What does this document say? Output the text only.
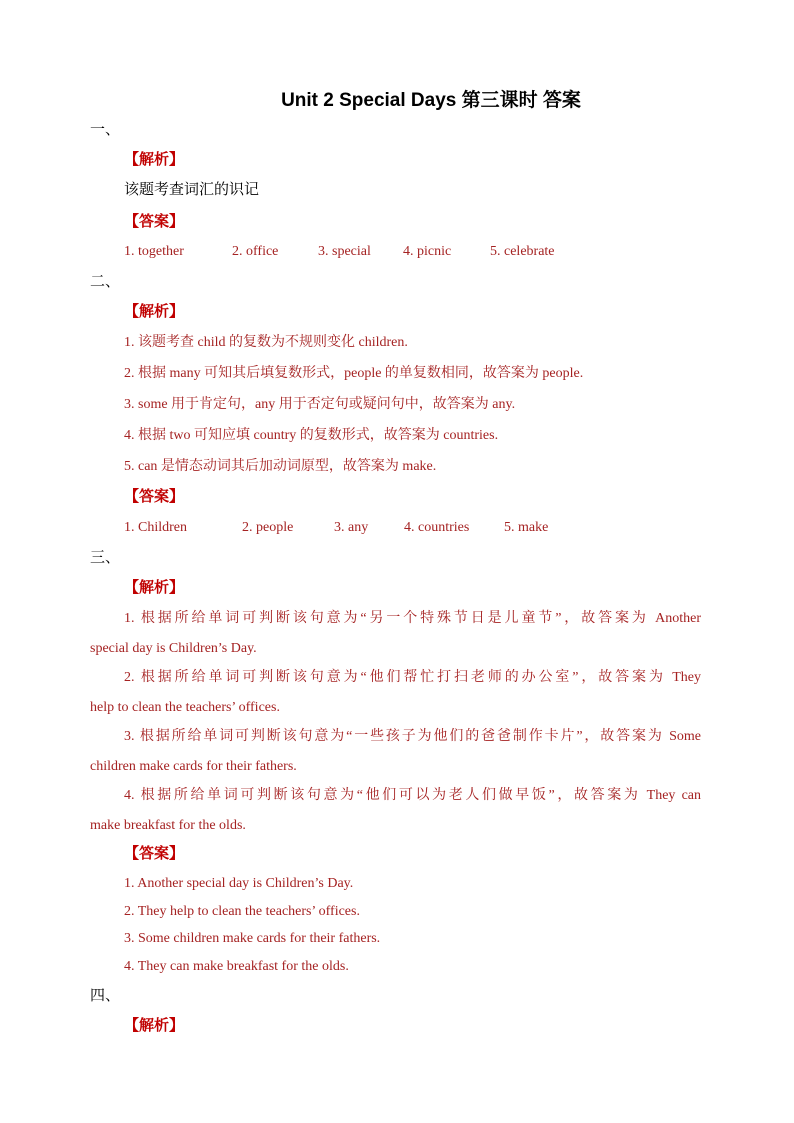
Unit 2 Special Days 第三课时 答案
一、
【解析】
该题考查词汇的识记
【答案】
1. together	2. office	3. special 4. picnic	5. celebrate
二、
【解析】
1. 该题考查 child 的复数为不规则变化 children.
2. 根据 many 可知其后填复数形式，people 的单复数相同，故答案为 people.
3. some 用于肯定句，any 用于否定句或疑问句中，故答案为 any.
4. 根据 two 可知应填 country 的复数形式，故答案为 countries.
5. can 是情态动词其后加动词原型，故答案为 make.
【答案】
1. Children	2. people	3. any	4. countries 5. make
三、
【解析】
1. 根据所给单词可判断该句意为“另一个特殊节日是儿童节”，故答案为 Another
special day is Children’s Day.
2. 根据所给单词可判断该句意为“他们帮忙打扫老师的办公室”，故答案为 They
help to clean the teachers’ offices.
3. 根据所给单词可判断该句意为“一些孩子为他们的爸爸制作卡片”，故答案为 Some
children make cards for their fathers.
4. 根据所给单词可判断该句意为“他们可以为老人们做早饭”，故答案为 They can
make breakfast for the olds.
【答案】
1. Another special day is Children’s Day.
2. They help to clean the teachers’ offices.
3. Some children make cards for their fathers.
4. They can make breakfast for the olds.
四、
【解析】
